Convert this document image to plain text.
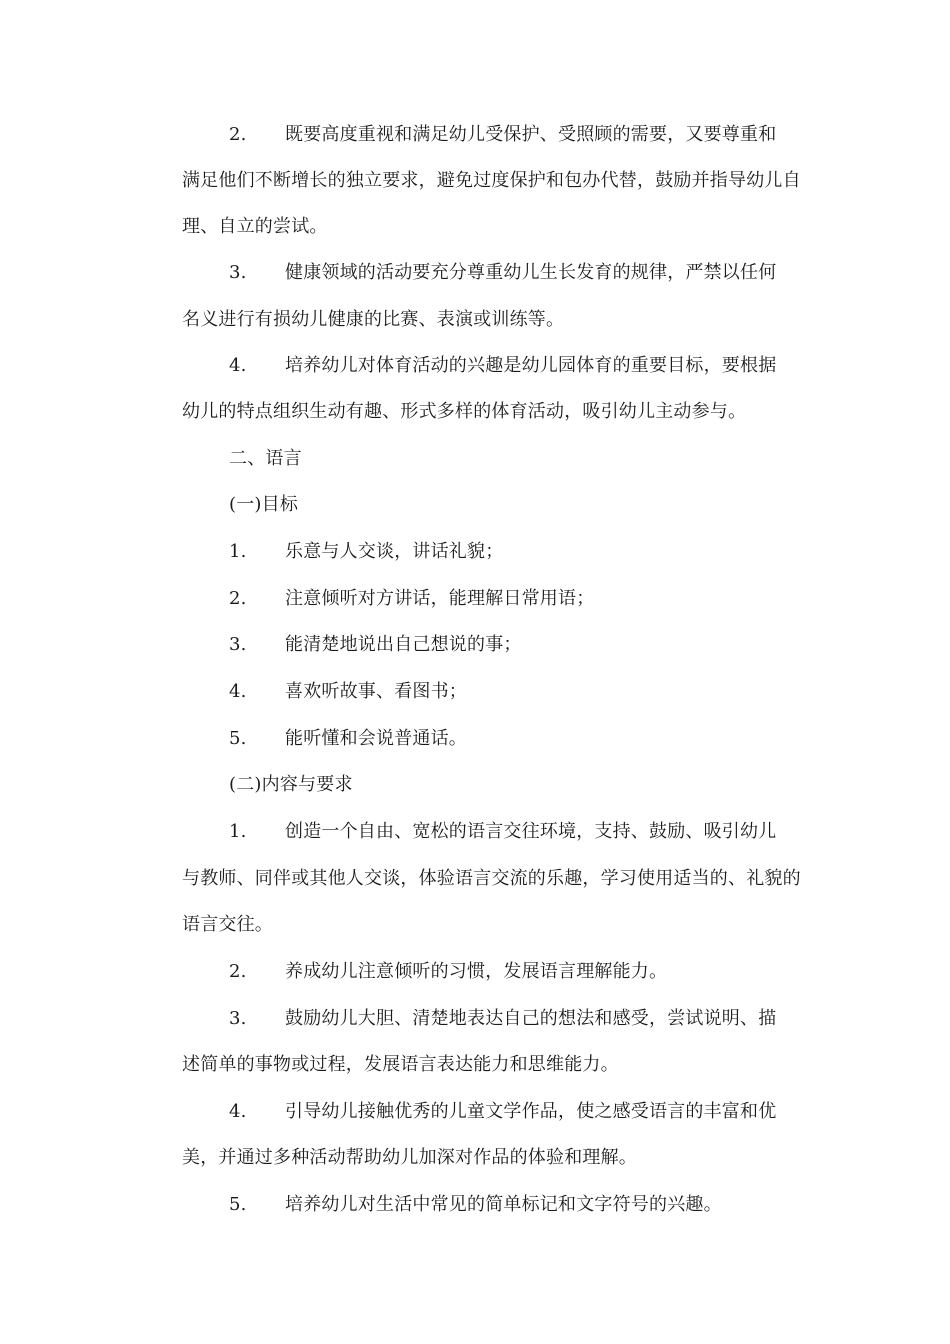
2. 既要高度重视和满足幼儿受保护、受照顾的需要，又要尊重和
满足他们不断增长的独立要求，避免过度保护和包办代替，鼓励并指导幼儿自
理、自立的尝试。
3. 健康领域的活动要充分尊重幼儿生长发育的规律，严禁以任何
名义进行有损幼儿健康的比赛、表演或训练等。
4. 培养幼儿对体育活动的兴趣是幼儿园体育的重要目标，要根据
幼儿的特点组织生动有趣、形式多样的体育活动，吸引幼儿主动参与。
二、语言
(一)目标
1. 乐意与人交谈，讲话礼貌；
2. 注意倾听对方讲话，能理解日常用语；
3. 能清楚地说出自己想说的事；
4. 喜欢听故事、看图书；
5. 能听懂和会说普通话。
(二)内容与要求
1. 创造一个自由、宽松的语言交往环境，支持、鼓励、吸引幼儿
与教师、同伴或其他人交谈，体验语言交流的乐趣，学习使用适当的、礼貌的
语言交往。
2. 养成幼儿注意倾听的习惯，发展语言理解能力。
3. 鼓励幼儿大胆、清楚地表达自己的想法和感受，尝试说明、描
述简单的事物或过程，发展语言表达能力和思维能力。
4. 引导幼儿接触优秀的儿童文学作品，使之感受语言的丰富和优
美，并通过多种活动帮助幼儿加深对作品的体验和理解。
5. 培养幼儿对生活中常见的简单标记和文字符号的兴趣。
